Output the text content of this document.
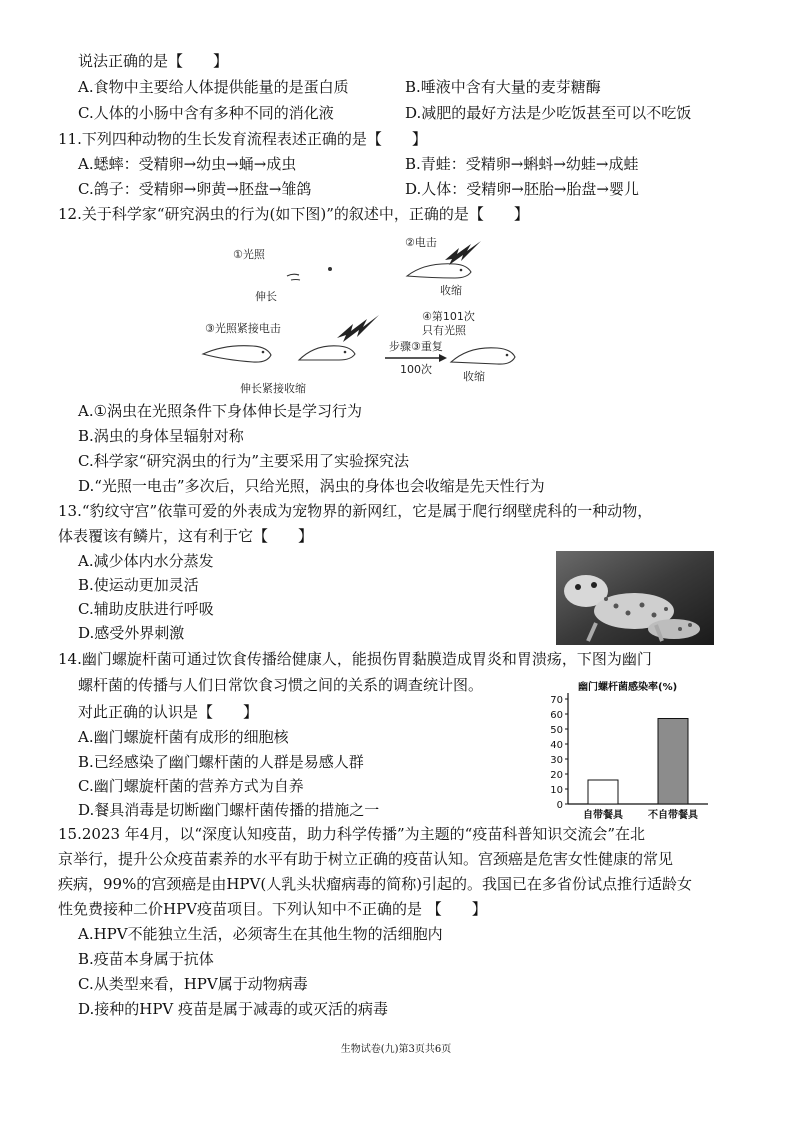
说法正确的是【　　】
A.食物中主要给人体提供能量的是蛋白质	B.唾液中含有大量的麦芽糖酶
C.人体的小肠中含有多种不同的消化液	D.减肥的最好方法是少吃饭甚至可以不吃饭
11.下列四种动物的生长发育流程表述正确的是【　　】
A.蟋蟀：受精卵→幼虫→蛹→成虫	B.青蛙：受精卵→蝌蚪→幼蛙→成蛙
C.鸽子：受精卵→卵黄→胚盘→雏鸽	D.人体：受精卵→胚胎→胎盘→婴儿
12.关于科学家“研究涡虫的行为(如下图)”的叙述中，正确的是【　　】
①光照
伸长
②电击
收缩
③光照紧接电击
伸长紧接收缩
步骤③重复
100次
④第101次
只有光照
收缩
A.①涡虫在光照条件下身体伸长是学习行为
B.涡虫的身体呈辐射对称
C.科学家“研究涡虫的行为”主要采用了实验探究法
D.“光照一电击”多次后，只给光照，涡虫的身体也会收缩是先天性行为
13.“豹纹守宫”依靠可爱的外表成为宠物界的新网红，它是属于爬行纲壁虎科的一种动物，
体表覆该有鳞片，这有利于它【　　】
A.减少体内水分蒸发
B.使运动更加灵活
C.辅助皮肤进行呼吸
D.感受外界刺激
14.幽门螺旋杆菌可通过饮食传播给健康人，能损伤胃黏膜造成胃炎和胃溃疡，下图为幽门
螺杆菌的传播与人们日常饮食习惯之间的关系的调查统计图。
对此正确的认识是【　　】
A.幽门螺旋杆菌有成形的细胞核
B.已经感染了幽门螺杆菌的人群是易感人群
C.幽门螺旋杆菌的营养方式为自养
D.餐具消毒是切断幽门螺杆菌传播的措施之一
幽门螺杆菌感染率(%)
0
10
20
30
40
50
60
70
自带餐具	不自带餐具
15.2023 年4月，以“深度认知疫苗，助力科学传播”为主题的“疫苗科普知识交流会”在北
京举行，提升公众疫苗素养的水平有助于树立正确的疫苗认知。宫颈癌是危害女性健康的常见
疾病，99%的宫颈癌是由HPV(人乳头状瘤病毒的简称)引起的。我国已在多省份试点推行适龄女
性免费接种二价HPV疫苗项目。下列认知中不正确的是 【　　】
A.HPV不能独立生活，必须寄生在其他生物的活细胞内
B.疫苗本身属于抗体
C.从类型来看，HPV属于动物病毒
D.接种的HPV 疫苗是属于减毒的或灭活的病毒
生物试卷(九)第3页共6页
